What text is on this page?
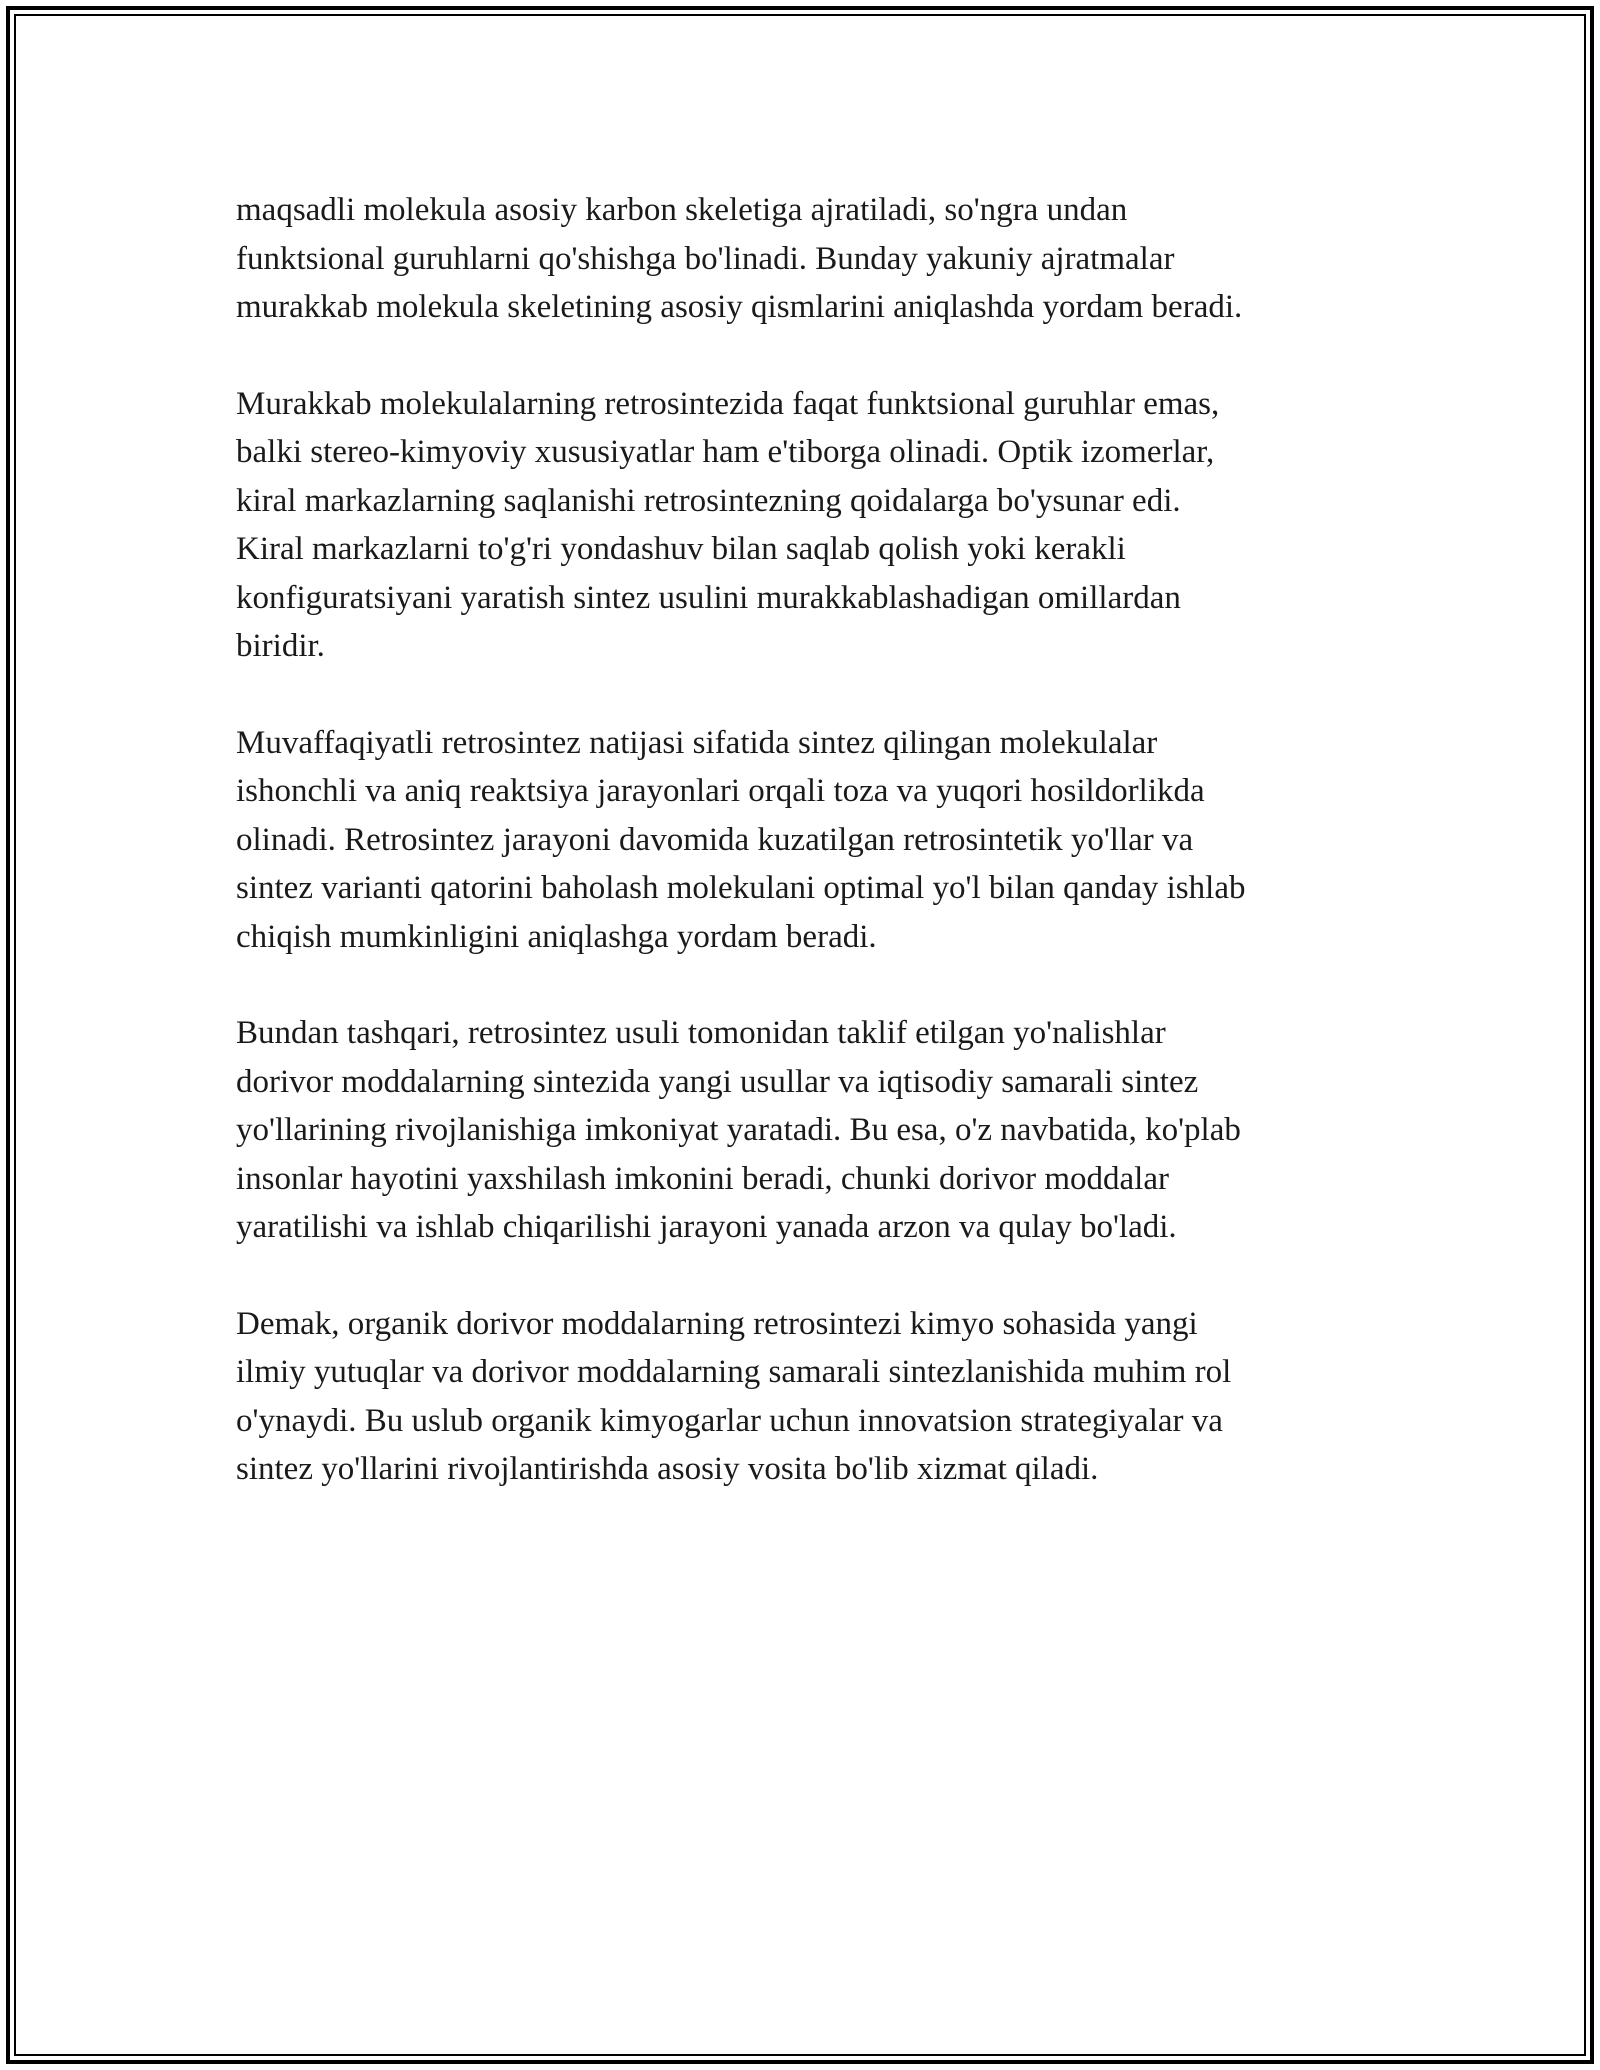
maqsadli molekula asosiy karbon skeletiga ajratiladi, so'ngra undan
funktsional guruhlarni qo'shishga bo'linadi. Bunday yakuniy ajratmalar
murakkab molekula skeletining asosiy qismlarini aniqlashda yordam beradi.

Murakkab molekulalarning retrosintezida faqat funktsional guruhlar emas,
balki stereo-kimyoviy xususiyatlar ham e'tiborga olinadi. Optik izomerlar,
kiral markazlarning saqlanishi retrosintezning qoidalarga bo'ysunar edi.
Kiral markazlarni to'g'ri yondashuv bilan saqlab qolish yoki kerakli
konfiguratsiyani yaratish sintez usulini murakkablashadigan omillardan
biridir.

Muvaffaqiyatli retrosintez natijasi sifatida sintez qilingan molekulalar
ishonchli va aniq reaktsiya jarayonlari orqali toza va yuqori hosildorlikda
olinadi. Retrosintez jarayoni davomida kuzatilgan retrosintetik yo'llar va
sintez varianti qatorini baholash molekulani optimal yo'l bilan qanday ishlab
chiqish mumkinligini aniqlashga yordam beradi.

Bundan tashqari, retrosintez usuli tomonidan taklif etilgan yo'nalishlar
dorivor moddalarning sintezida yangi usullar va iqtisodiy samarali sintez
yo'llarining rivojlanishiga imkoniyat yaratadi. Bu esa, o'z navbatida, ko'plab
insonlar hayotini yaxshilash imkonini beradi, chunki dorivor moddalar
yaratilishi va ishlab chiqarilishi jarayoni yanada arzon va qulay bo'ladi.

Demak, organik dorivor moddalarning retrosintezi kimyo sohasida yangi
ilmiy yutuqlar va dorivor moddalarning samarali sintezlanishida muhim rol
o'ynaydi. Bu uslub organik kimyogarlar uchun innovatsion strategiyalar va
sintez yo'llarini rivojlantirishda asosiy vosita bo'lib xizmat qiladi.
